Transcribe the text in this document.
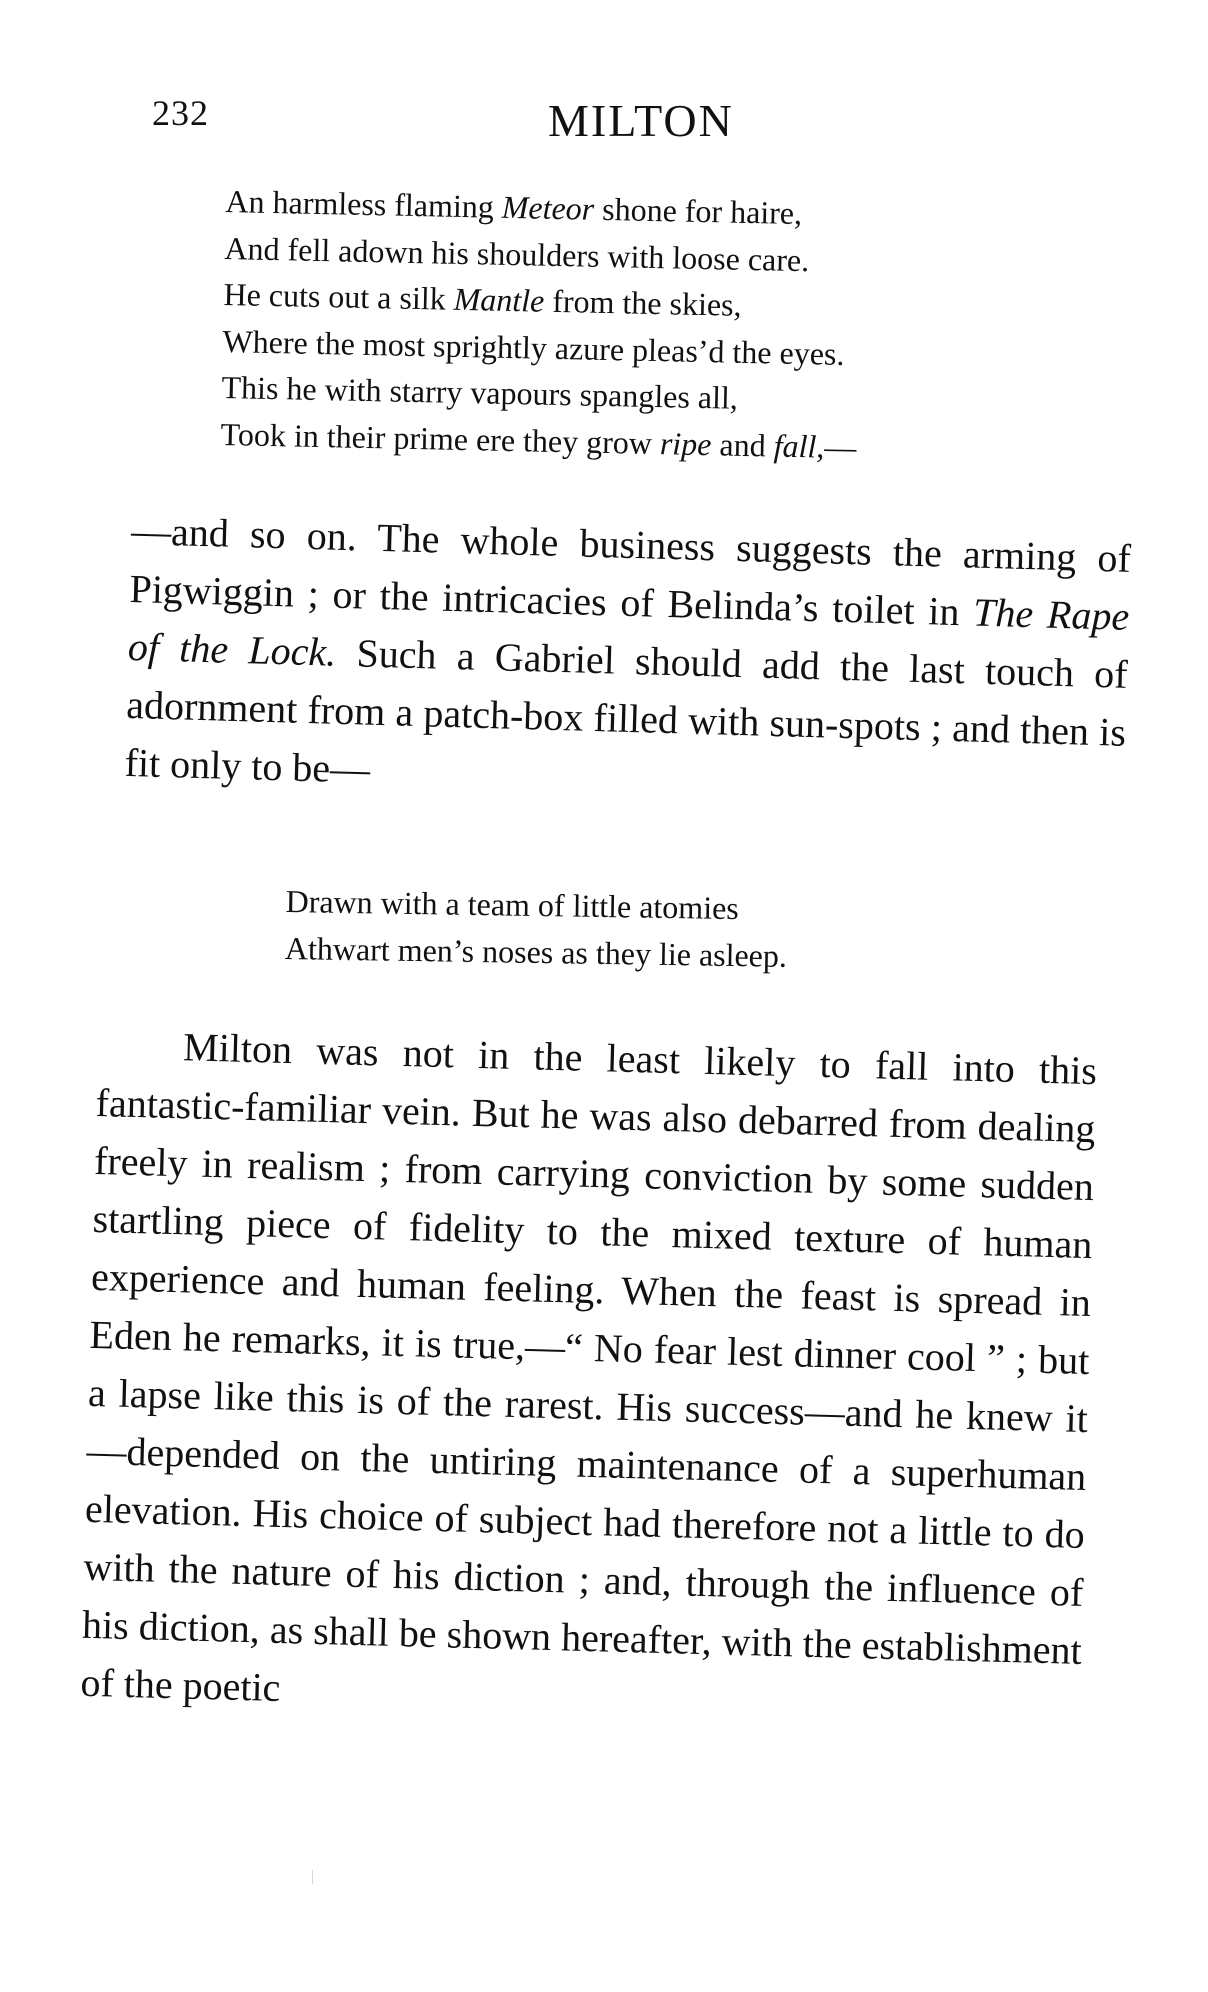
232	MILTON
An harmless flaming Meteor shone for haire,
And fell adown his shoulders with loose care.
He cuts out a silk Mantle from the skies,
Where the most sprightly azure pleas’d the eyes.
This he with starry vapours spangles all,
Took in their prime ere they grow ripe and fall,—

—and so on. The whole business suggests the arming of Pigwiggin ; or the intricacies of Belinda’s toilet in The Rape of the Lock. Such a Gabriel should add the last touch of adornment from a patch-box filled with sun-spots ; and then is fit only to be—

Drawn with a team of little atomies
Athwart men’s noses as they lie asleep.

Milton was not in the least likely to fall into this fantastic-familiar vein. But he was also debarred from dealing freely in realism ; from carrying conviction by some sudden startling piece of fidelity to the mixed texture of human experience and human feeling. When the feast is spread in Eden he remarks, it is true,—“ No fear lest dinner cool ” ; but a lapse like this is of the rarest. His success—and he knew it—depended on the untiring maintenance of a superhuman elevation. His choice of subject had therefore not a little to do with the nature of his diction ; and, through the influence of his diction, as shall be shown hereafter, with the establishment of the poetic
